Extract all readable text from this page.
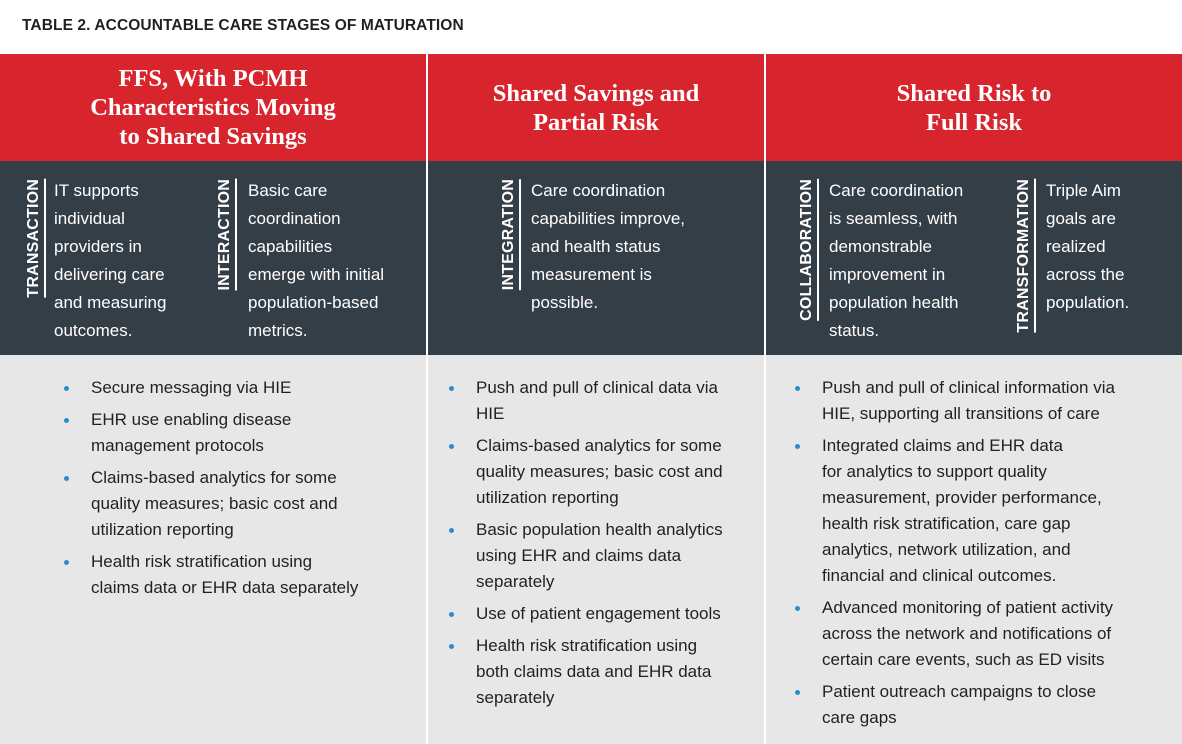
TABLE 2. ACCOUNTABLE CARE STAGES OF MATURATION
FFS, With PCMH
Characteristics Moving
to Shared Savings
Shared Savings and
Partial Risk
Shared Risk to
Full Risk
TRANSACTION IT supports
individual
providers in
delivering care
and measuring
outcomes.
INTERACTION Basic care
coordination
capabilities
emerge with initial
population-based
metrics.
INTEGRATION Care coordination
capabilities improve,
and health status
measurement is
possible.	COLLABORATION Care coordination
is seamless, with
demonstrable
improvement in
population health
status.	TRANSFORMATION Triple Aim
goals are
realized
across the
population.
Secure messaging via HIE
EHR use enabling disease
management protocols
Claims-based analytics for some
quality measures; basic cost and
utilization reporting
Health risk stratification using
claims data or EHR data separately
Push and pull of clinical data via
HIE
Claims-based analytics for some
quality measures; basic cost and
utilization reporting
Basic population health analytics
using EHR and claims data
separately
Use of patient engagement tools
Health risk stratification using
both claims data and EHR data
separately
Push and pull of clinical information via
HIE, supporting all transitions of care
Integrated claims and EHR data
for analytics to support quality
measurement, provider performance,
health risk stratification, care gap
analytics, network utilization, and
financial and clinical outcomes.
Advanced monitoring of patient activity
across the network and notifications of
certain care events, such as ED visits
Patient outreach campaigns to close
care gaps
